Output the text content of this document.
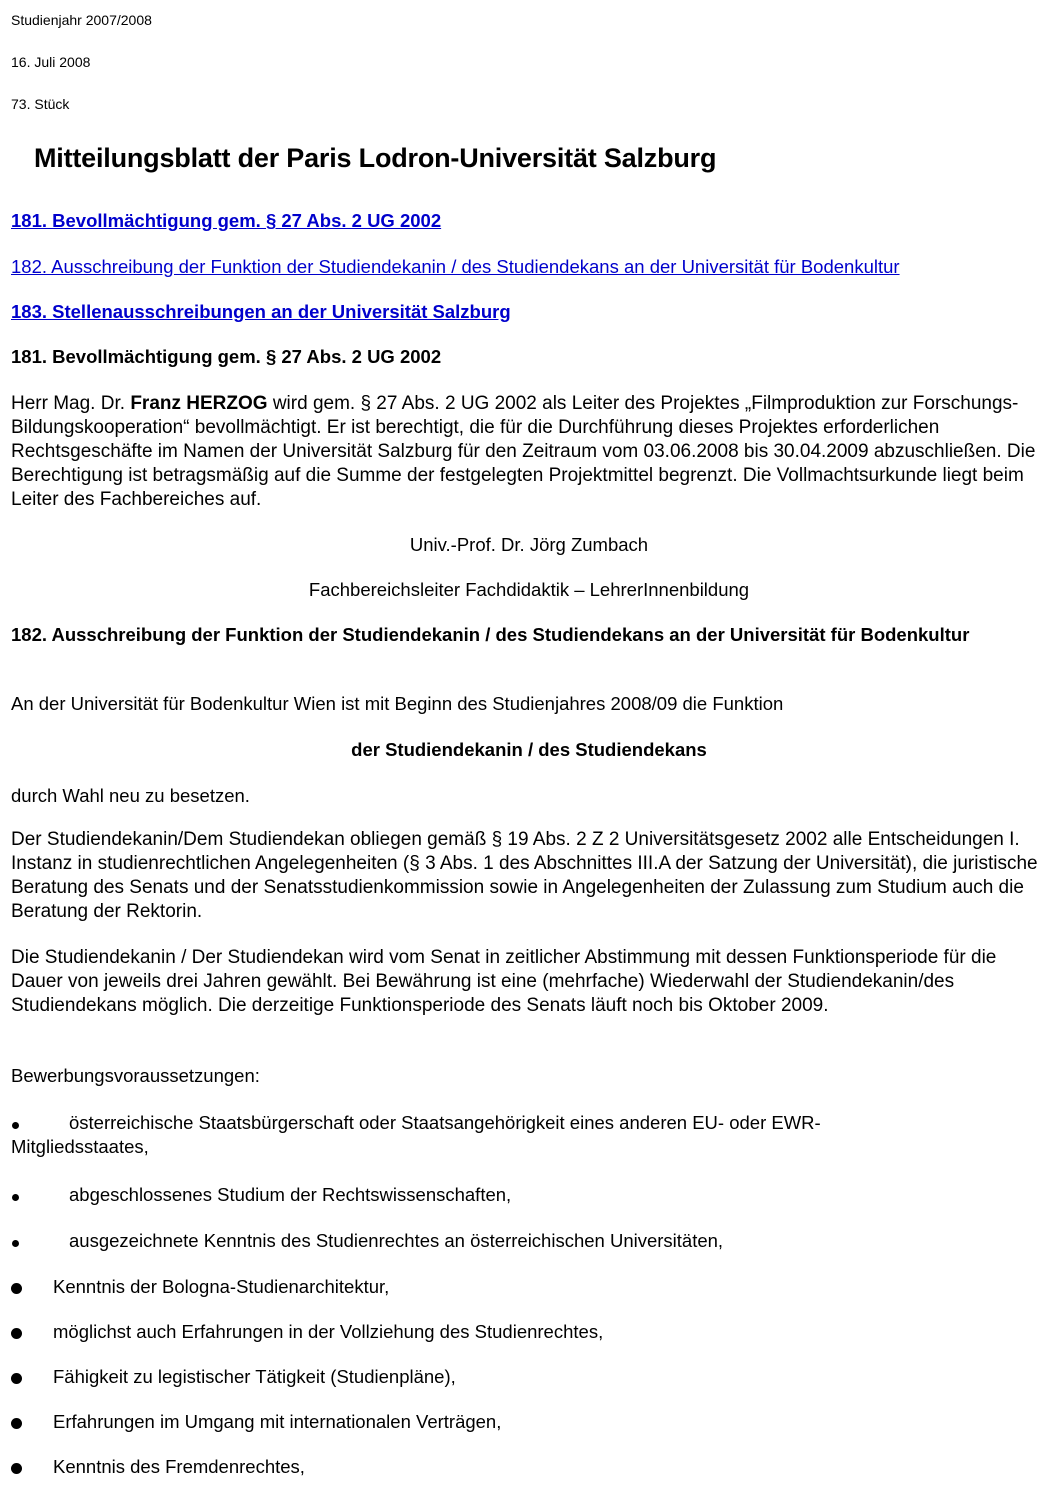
Studienjahr 2007/2008
16. Juli 2008
73. Stück
Mitteilungsblatt der Paris Lodron-Universität Salzburg
181. Bevollmächtigung gem. § 27 Abs. 2 UG 2002
182. Ausschreibung der Funktion der Studiendekanin / des Studiendekans an der Universität für Bodenkultur
183. Stellenausschreibungen an der Universität Salzburg
181. Bevollmächtigung gem. § 27 Abs. 2 UG 2002
Herr Mag. Dr. Franz HERZOG wird gem. § 27 Abs. 2 UG 2002 als Leiter des Projektes „Filmproduktion zur Forschungs-Bildungskooperation“ bevollmächtigt. Er ist berechtigt, die für die Durchführung dieses Projektes erforderlichen Rechtsgeschäfte im Namen der Universität Salzburg für den Zeitraum vom 03.06.2008 bis 30.04.2009 abzuschließen. Die Berechtigung ist betragsmäßig auf die Summe der festgelegten Projektmittel begrenzt. Die Vollmachtsurkunde liegt beim Leiter des Fachbereiches auf.
Univ.-Prof. Dr. Jörg Zumbach
Fachbereichsleiter Fachdidaktik – LehrerInnenbildung
182. Ausschreibung der Funktion der Studiendekanin / des Studiendekans an der Universität für Bodenkultur
An der Universität für Bodenkultur Wien ist mit Beginn des Studienjahres 2008/09 die Funktion
der Studiendekanin / des Studiendekans
durch Wahl neu zu besetzen.
Der Studiendekanin/Dem Studiendekan obliegen gemäß § 19 Abs. 2 Z 2 Universitätsgesetz 2002 alle Entscheidungen I. Instanz in studienrechtlichen Angelegenheiten (§ 3 Abs. 1 des Abschnittes III.A der Satzung der Universität), die juristische Beratung des Senats und der Senatsstudienkommission sowie in Angelegenheiten der Zulassung zum Studium auch die Beratung der Rektorin.
Die Studiendekanin / Der Studiendekan wird vom Senat in zeitlicher Abstimmung mit dessen Funktionsperiode für die Dauer von jeweils drei Jahren gewählt. Bei Bewährung ist eine (mehrfache) Wiederwahl der Studiendekanin/des Studiendekans möglich. Die derzeitige Funktionsperiode des Senats läuft noch bis Oktober 2009.
Bewerbungsvoraussetzungen:
österreichische Staatsbürgerschaft oder Staatsangehörigkeit eines anderen EU- oder EWR-
Mitgliedsstaates,
abgeschlossenes Studium der Rechtswissenschaften,
ausgezeichnete Kenntnis des Studienrechtes an österreichischen Universitäten,
Kenntnis der Bologna-Studienarchitektur,
möglichst auch Erfahrungen in der Vollziehung des Studienrechtes,
Fähigkeit zu legistischer Tätigkeit (Studienpläne),
Erfahrungen im Umgang mit internationalen Verträgen,
Kenntnis des Fremdenrechtes,
